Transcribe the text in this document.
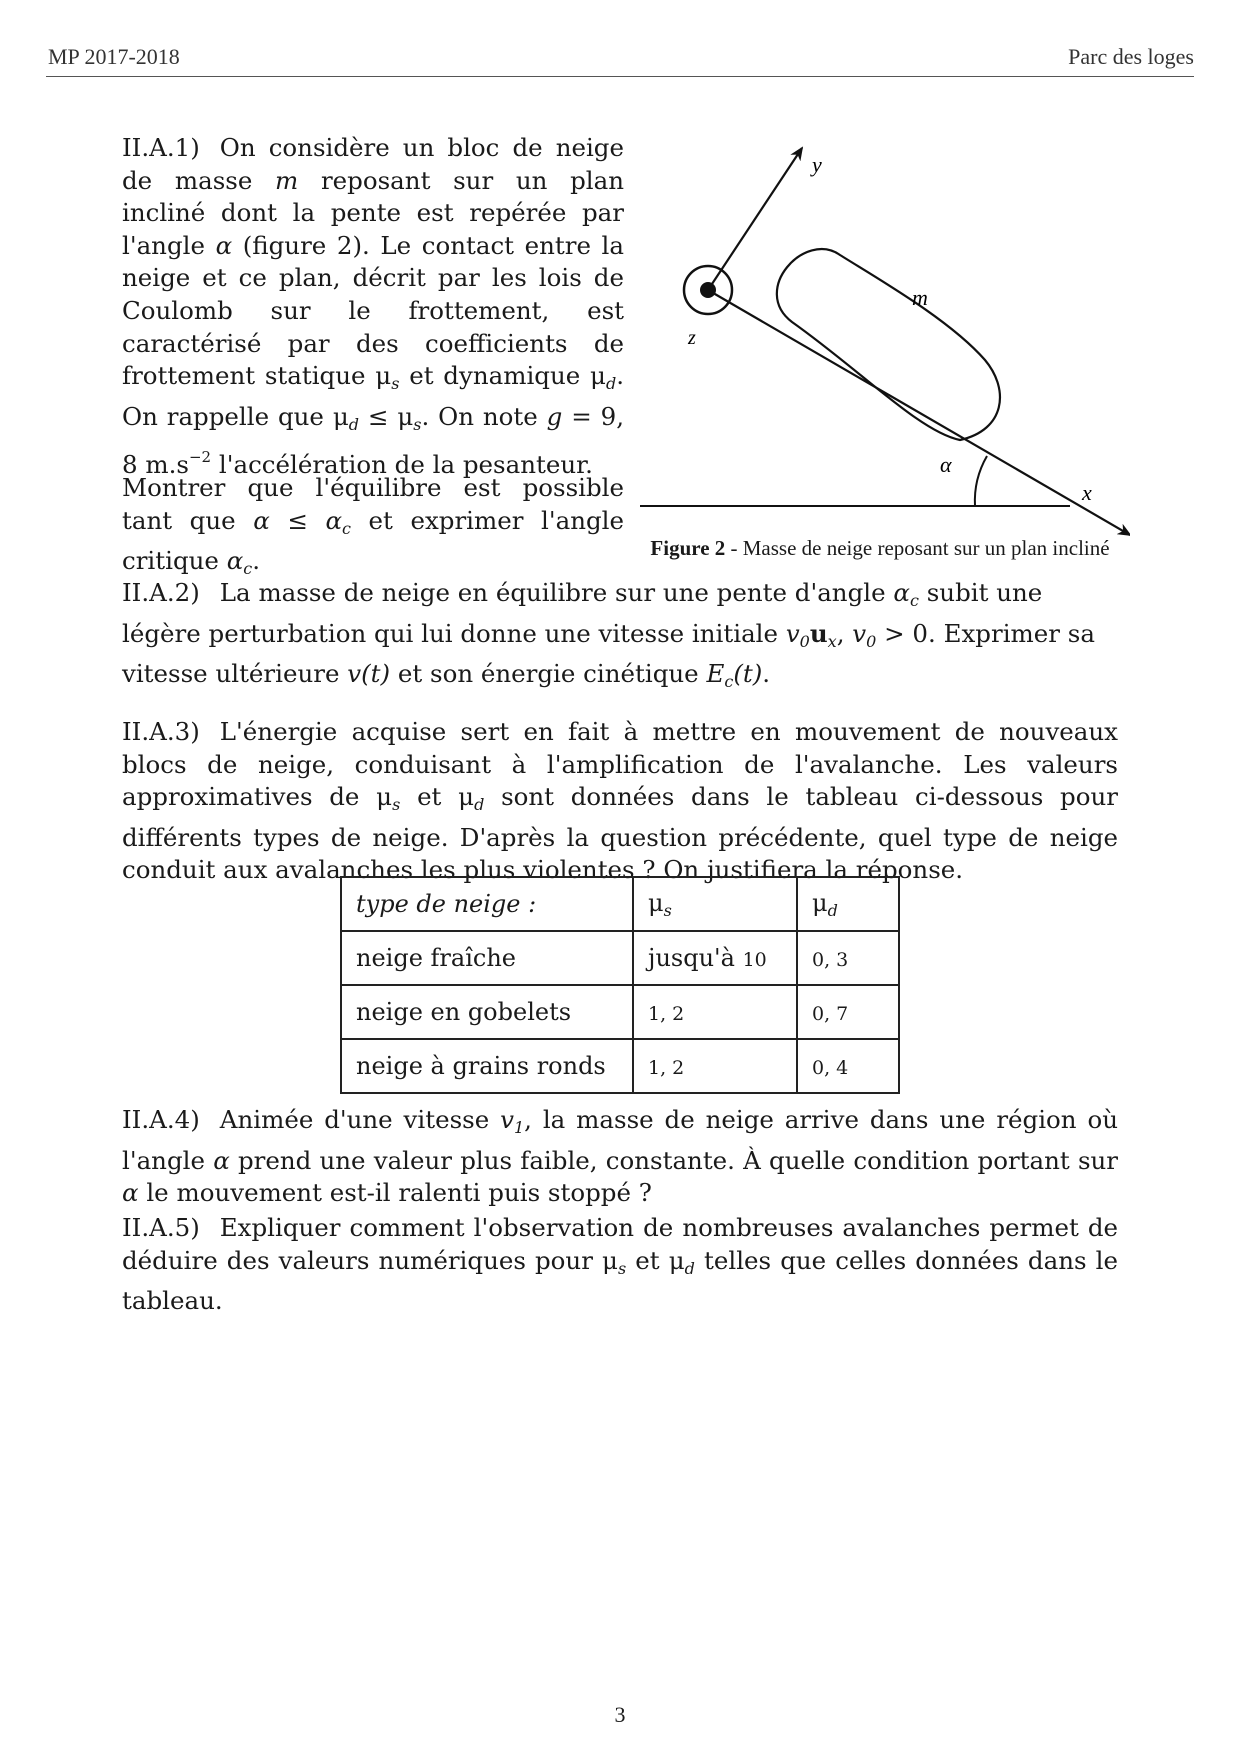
MP 2017-2018	Parc des loges

II.A.1) On considère un bloc de neige de masse m reposant sur un plan incliné dont la pente est repérée par l'angle α (figure 2). Le contact entre la neige et ce plan, décrit par les lois de Coulomb sur le frottement, est caractérisé par des coefficients de frottement statique $\mu_s$ et dynamique $\mu_d$. On rappelle que $\mu_d \le \mu_s$. On note g = 9, 8 $m.s^{-2}$ l'accélération de la pesanteur.

Montrer que l'équilibre est possible tant que $\alpha \le \alpha_c$ et exprimer l'angle critique $\alpha_c$.

y
x
z
m
α
Figure 2 - Masse de neige reposant sur un plan incliné

II.A.2) La masse de neige en équilibre sur une pente d'angle $\alpha_c$ subit une légère perturbation qui lui donne une vitesse initiale $v_0u_x$, $v_0 > 0$. Exprimer sa vitesse ultérieure v(t) et son énergie cinétique $E_c(t)$.

II.A.3) L'énergie acquise sert en fait à mettre en mouvement de nouveaux blocs de neige, conduisant à l'amplification de l'avalanche. Les valeurs approximatives de $\mu_s$ et $\mu_d$ sont données dans le tableau ci-dessous pour différents types de neige. D'après la question précédente, quel type de neige conduit aux avalanches les plus violentes ? On justifiera la réponse.

type de neige :	$\mu_s$	$\mu_d$
neige fraîche	jusqu'à 10	0, 3
neige en gobelets	1, 2	0, 7
neige à grains ronds	1, 2	0, 4

II.A.4) Animée d'une vitesse $v_1$, la masse de neige arrive dans une région où l'angle α prend une valeur plus faible, constante. À quelle condition portant sur α le mouvement est-il ralenti puis stoppé ?

II.A.5) Expliquer comment l'observation de nombreuses avalanches permet de déduire des valeurs numériques pour $\mu_s$ et $\mu_d$ telles que celles données dans le tableau.

3
